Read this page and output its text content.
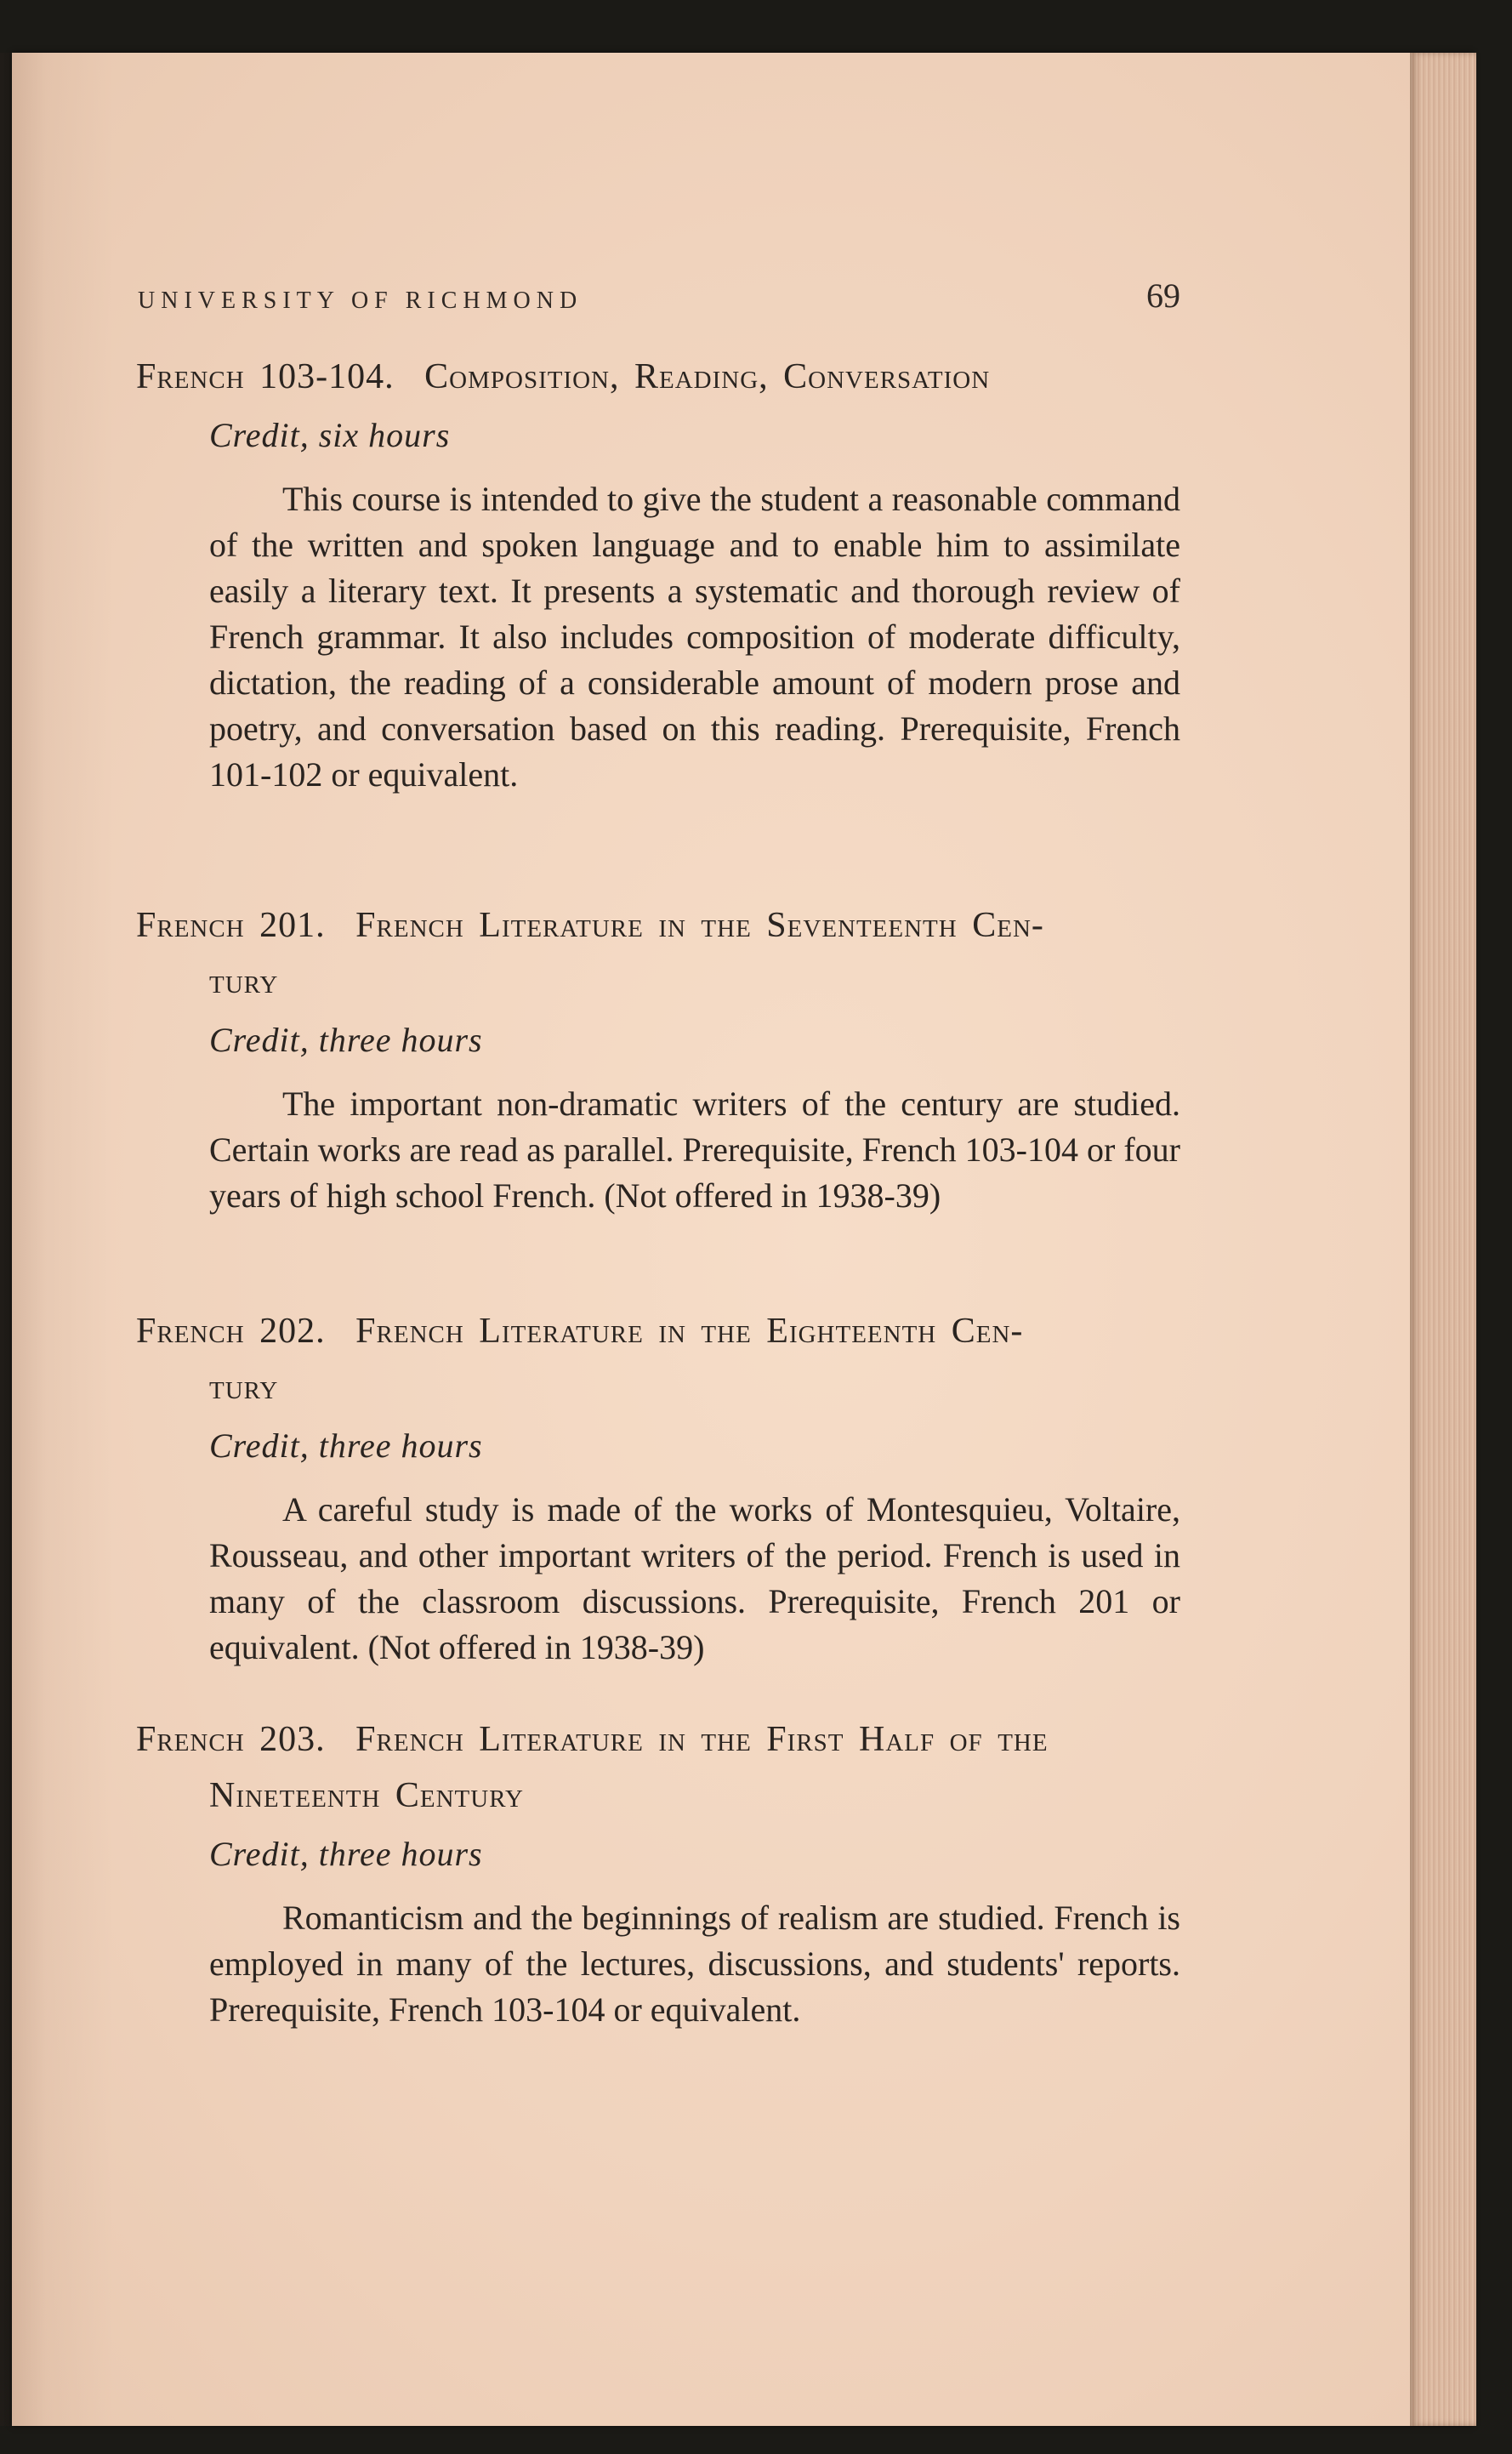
UNIVERSITY OF RICHMOND	69
French 103-104. Composition, Reading, Conversation
Credit, six hours
This course is intended to give the student a reasonable command of the written and spoken language and to enable him to assimilate easily a literary text. It presents a systematic and thorough review of French grammar. It also includes composition of moderate difficulty, dictation, the reading of a considerable amount of modern prose and poetry, and conversation based on this reading. Prerequisite, French 101-102 or equivalent.
French 201. French Literature in the Seventeenth Cen-
tury
Credit, three hours
The important non-dramatic writers of the century are studied. Certain works are read as parallel. Prerequisite, French 103-104 or four years of high school French. (Not offered in 1938-39)
French 202. French Literature in the Eighteenth Cen-
tury
Credit, three hours
A careful study is made of the works of Montesquieu, Voltaire, Rousseau, and other important writers of the period. French is used in many of the classroom discussions. Prerequisite, French 201 or equivalent. (Not offered in 1938-39)
French 203. French Literature in the First Half of the
Nineteenth Century
Credit, three hours
Romanticism and the beginnings of realism are studied. French is employed in many of the lectures, discussions, and students' reports. Prerequisite, French 103-104 or equivalent.
